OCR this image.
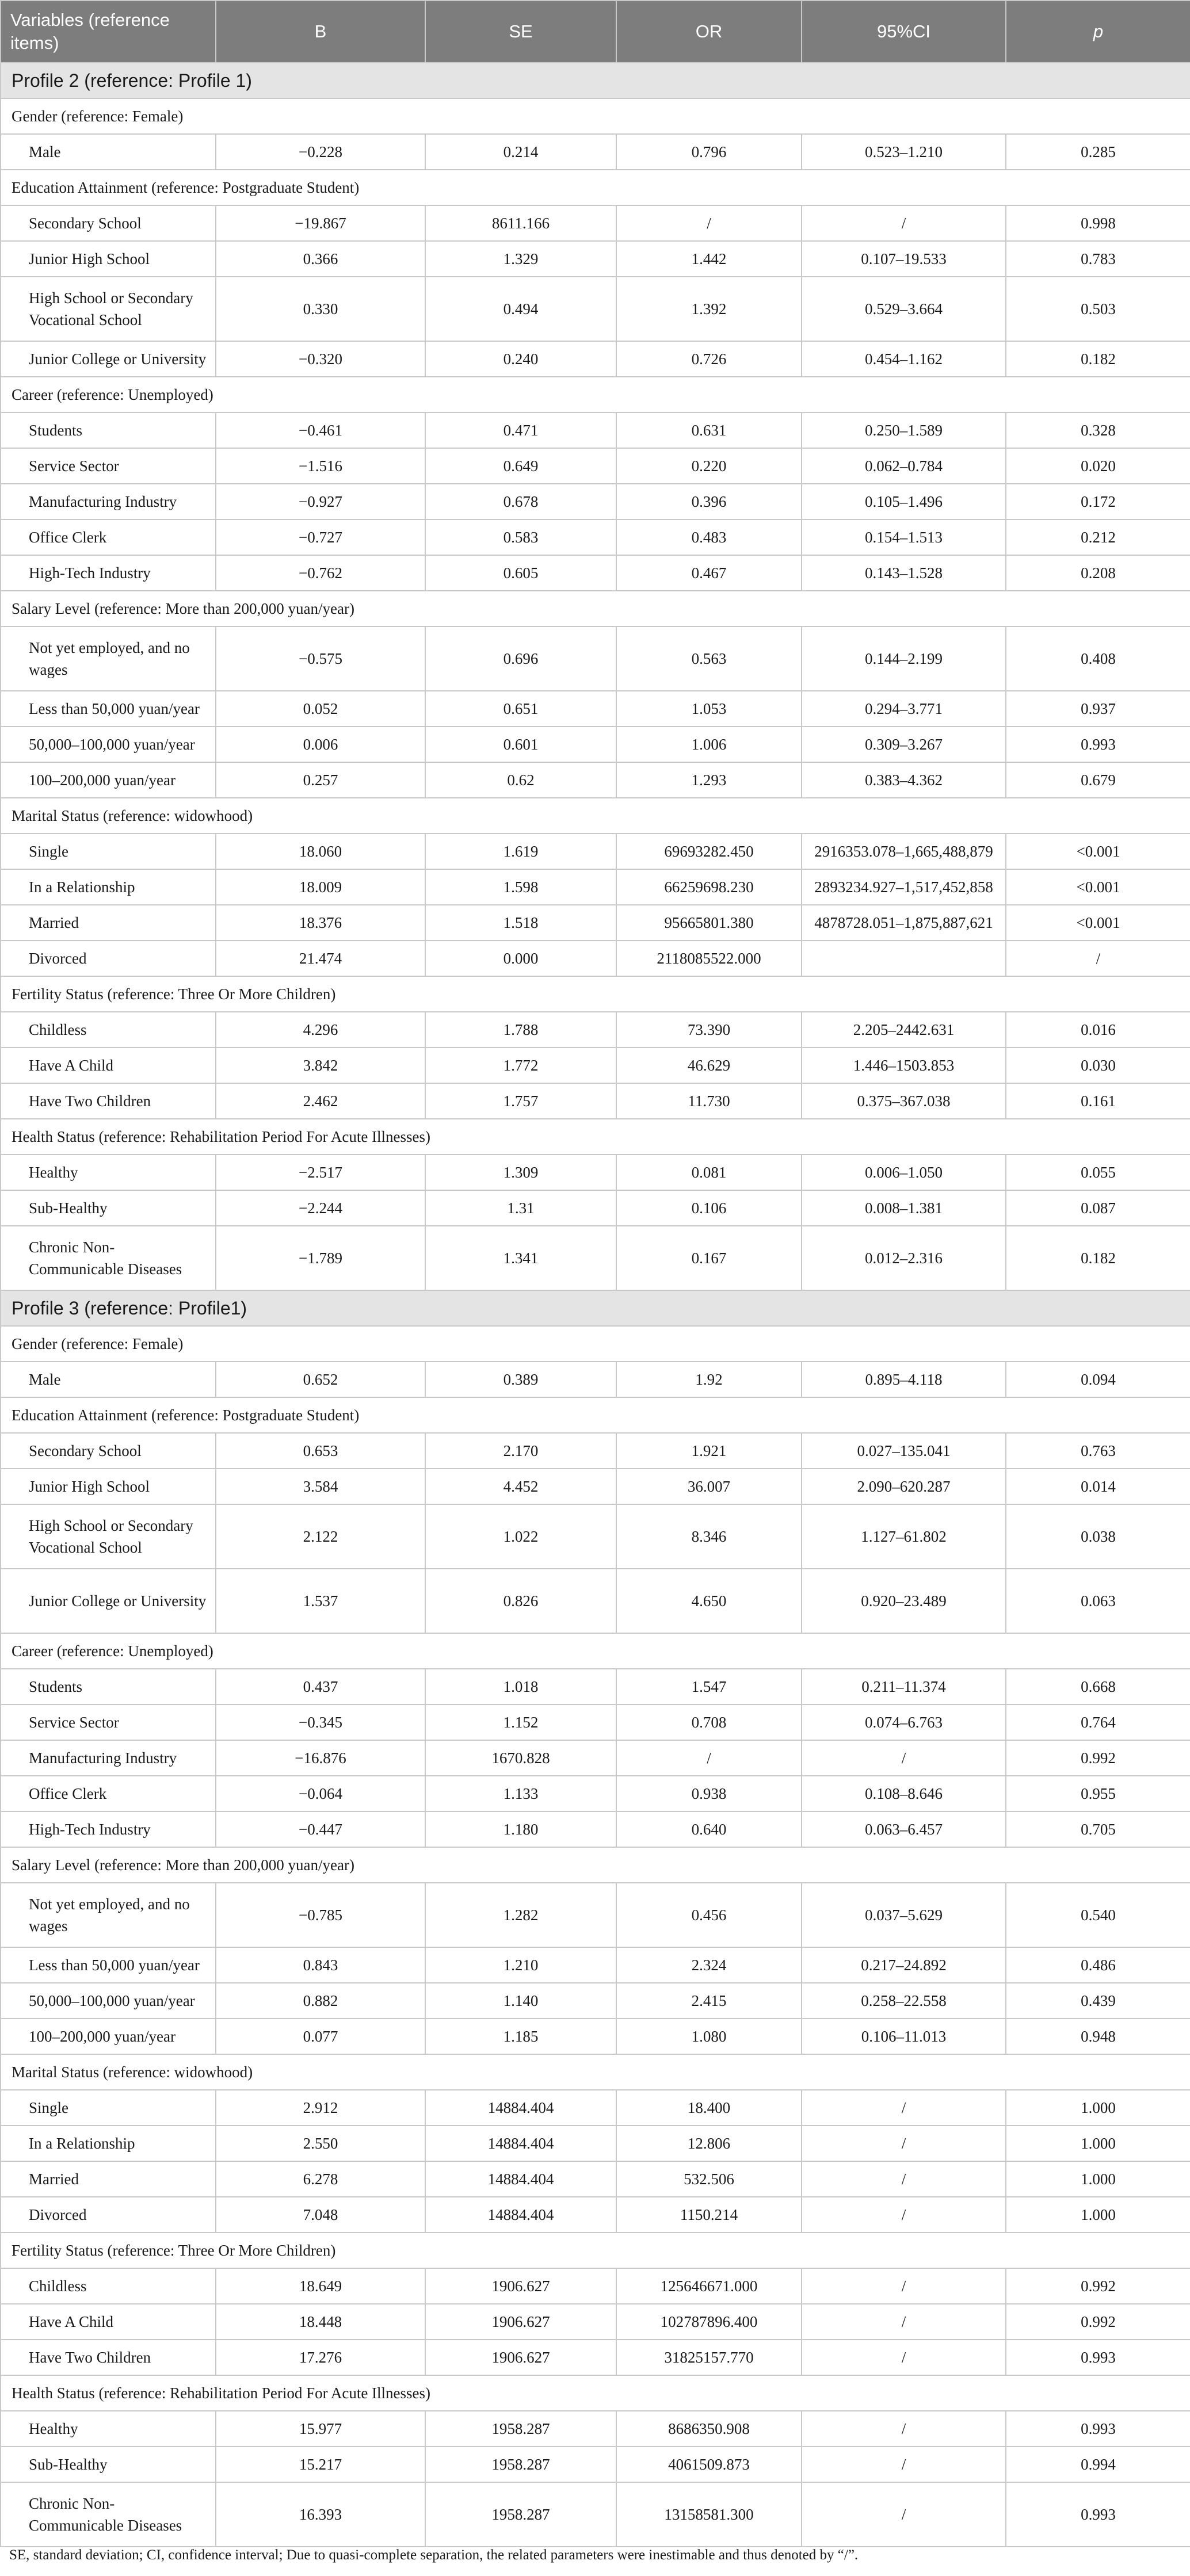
Variables (reference items)	B	SE	OR	95%CI	p
Profile 2 (reference: Profile 1)					
Gender (reference: Female)					
Male	−0.228	0.214	0.796	0.523–1.210	0.285
Education Attainment (reference: Postgraduate Student)					
Secondary School	−19.867	8611.166	/	/	0.998
Junior High School	0.366	1.329	1.442	0.107–19.533	0.783
High School or Secondary Vocational School	0.330	0.494	1.392	0.529–3.664	0.503
Junior College or University	−0.320	0.240	0.726	0.454–1.162	0.182
Career (reference: Unemployed)					
Students	−0.461	0.471	0.631	0.250–1.589	0.328
Service Sector	−1.516	0.649	0.220	0.062–0.784	0.020
Manufacturing Industry	−0.927	0.678	0.396	0.105–1.496	0.172
Office Clerk	−0.727	0.583	0.483	0.154–1.513	0.212
High-Tech Industry	−0.762	0.605	0.467	0.143–1.528	0.208
Salary Level (reference: More than 200,000 yuan/year)					
Not yet employed, and no wages	−0.575	0.696	0.563	0.144–2.199	0.408
Less than 50,000 yuan/year	0.052	0.651	1.053	0.294–3.771	0.937
50,000–100,000 yuan/year	0.006	0.601	1.006	0.309–3.267	0.993
100–200,000 yuan/year	0.257	0.62	1.293	0.383–4.362	0.679
Marital Status (reference: widowhood)					
Single	18.060	1.619	69693282.450	2916353.078–1,665,488,879	<0.001
In a Relationship	18.009	1.598	66259698.230	2893234.927–1,517,452,858	<0.001
Married	18.376	1.518	95665801.380	4878728.051–1,875,887,621	<0.001
Divorced	21.474	0.000	2118085522.000		/
Fertility Status (reference: Three Or More Children)					
Childless	4.296	1.788	73.390	2.205–2442.631	0.016
Have A Child	3.842	1.772	46.629	1.446–1503.853	0.030
Have Two Children	2.462	1.757	11.730	0.375–367.038	0.161
Health Status (reference: Rehabilitation Period For Acute Illnesses)					
Healthy	−2.517	1.309	0.081	0.006–1.050	0.055
Sub-Healthy	−2.244	1.31	0.106	0.008–1.381	0.087
Chronic Non-Communicable Diseases	−1.789	1.341	0.167	0.012–2.316	0.182
Profile 3 (reference: Profile1)					
Gender (reference: Female)					
Male	0.652	0.389	1.92	0.895–4.118	0.094
Education Attainment (reference: Postgraduate Student)					
Secondary School	0.653	2.170	1.921	0.027–135.041	0.763
Junior High School	3.584	4.452	36.007	2.090–620.287	0.014
High School or Secondary Vocational School	2.122	1.022	8.346	1.127–61.802	0.038
Junior College or University	1.537	0.826	4.650	0.920–23.489	0.063
Career (reference: Unemployed)					
Students	0.437	1.018	1.547	0.211–11.374	0.668
Service Sector	−0.345	1.152	0.708	0.074–6.763	0.764
Manufacturing Industry	−16.876	1670.828	/	/	0.992
Office Clerk	−0.064	1.133	0.938	0.108–8.646	0.955
High-Tech Industry	−0.447	1.180	0.640	0.063–6.457	0.705
Salary Level (reference: More than 200,000 yuan/year)					
Not yet employed, and no wages	−0.785	1.282	0.456	0.037–5.629	0.540
Less than 50,000 yuan/year	0.843	1.210	2.324	0.217–24.892	0.486
50,000–100,000 yuan/year	0.882	1.140	2.415	0.258–22.558	0.439
100–200,000 yuan/year	0.077	1.185	1.080	0.106–11.013	0.948
Marital Status (reference: widowhood)					
Single	2.912	14884.404	18.400	/	1.000
In a Relationship	2.550	14884.404	12.806	/	1.000
Married	6.278	14884.404	532.506	/	1.000
Divorced	7.048	14884.404	1150.214	/	1.000
Fertility Status (reference: Three Or More Children)					
Childless	18.649	1906.627	125646671.000	/	0.992
Have A Child	18.448	1906.627	102787896.400	/	0.992
Have Two Children	17.276	1906.627	31825157.770	/	0.993
Health Status (reference: Rehabilitation Period For Acute Illnesses)					
Healthy	15.977	1958.287	8686350.908	/	0.993
Sub-Healthy	15.217	1958.287	4061509.873	/	0.994
Chronic Non-Communicable Diseases	16.393	1958.287	13158581.300	/	0.993
SE, standard deviation; CI, confidence interval; Due to quasi-complete separation, the related parameters were inestimable and thus denoted by “/”.
